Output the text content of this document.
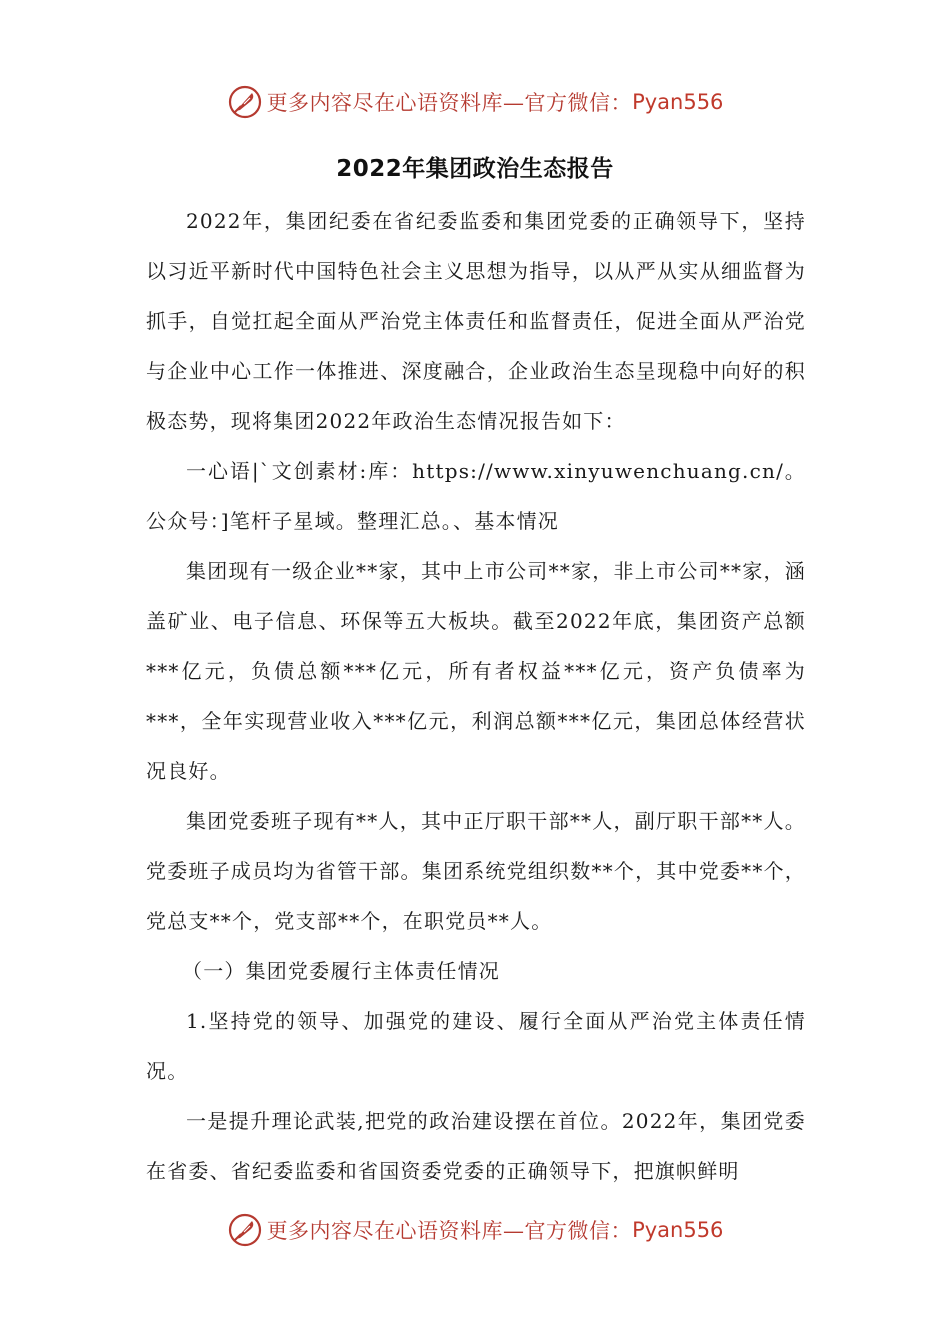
更多内容尽在心语资料库—官方微信： Pyan556
2022年集团政治生态报告

2022年，集团纪委在省纪委监委和集团党委的正确领导下，坚持以习近平新时代中国特色社会主义思想为指导，以从严从实从细监督为抓手，自觉扛起全面从严治党主体责任和监督责任，促进全面从严治党与企业中心工作一体推进、深度融合，企业政治生态呈现稳中向好的积极态势，现将集团2022年政治生态情况报告如下：

一心语|`文创素材:库：https://www.xinyuwenchuang.cn/。公众号：]笔杆子星域。整理汇总。、基本情况

集团现有一级企业**家，其中上市公司**家，非上市公司**家，涵盖矿业、电子信息、环保等五大板块。截至2022年底，集团资产总额***亿元，负债总额***亿元，所有者权益***亿元，资产负债率为***，全年实现营业收入***亿元，利润总额***亿元，集团总体经营状况良好。

集团党委班子现有**人，其中正厅职干部**人，副厅职干部**人。党委班子成员均为省管干部。集团系统党组织数**个，其中党委**个，党总支**个，党支部**个，在职党员**人。

（一）集团党委履行主体责任情况

1.坚持党的领导、加强党的建设、履行全面从严治党主体责任情况。

一是提升理论武装,把党的政治建设摆在首位。2022年，集团党委在省委、省纪委监委和省国资委党委的正确领导下，把旗帜鲜明

更多内容尽在心语资料库—官方微信： Pyan556
